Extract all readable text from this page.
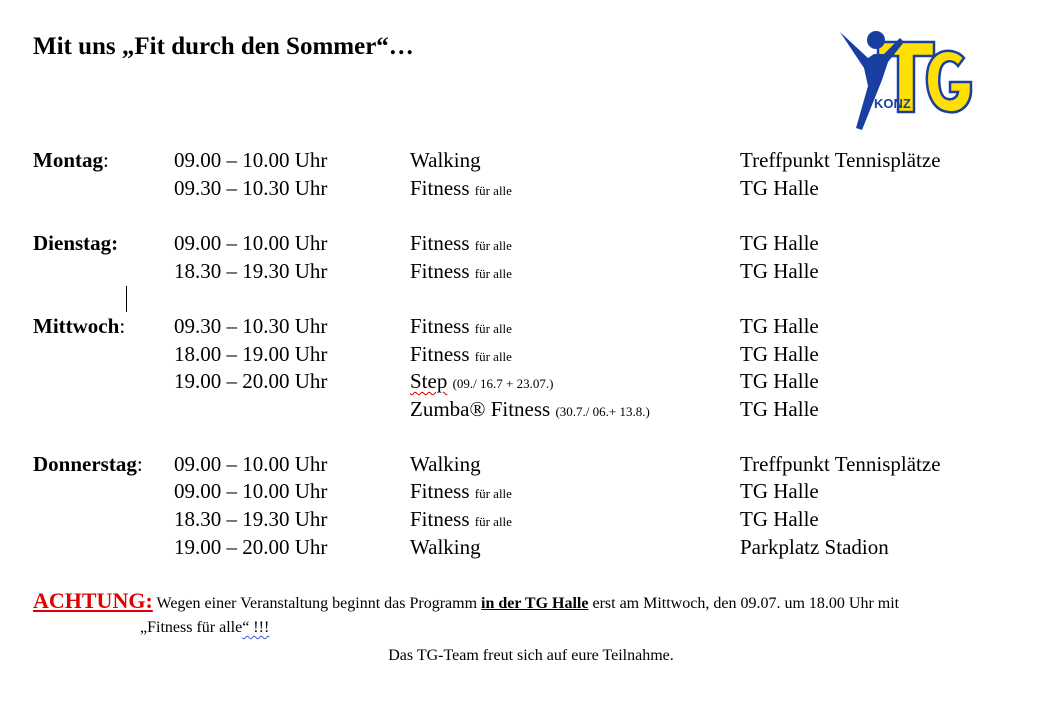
Mit uns „Fit durch den Sommer“…
KONZ
Montag:	09.00 – 10.00 Uhr	Walking	Treffpunkt Tennisplätze
09.30 – 10.30 Uhr	Fitness für alle	TG Halle
Dienstag:	09.00 – 10.00 Uhr	Fitness für alle	TG Halle
18.30 – 19.30 Uhr	Fitness für alle	TG Halle
Mittwoch: 09.30 – 10.30 Uhr	Fitness für alle	TG Halle
18.00 – 19.00 Uhr	Fitness für alle	TG Halle
19.00 – 20.00 Uhr	Step (09./ 16.7 + 23.07.)	TG Halle
Zumba® Fitness (30.7./ 06.+ 13.8.)	TG Halle
Donnerstag: 09.00 – 10.00 Uhr	Walking	Treffpunkt Tennisplätze
09.00 – 10.00 Uhr	Fitness für alle	TG Halle
18.30 – 19.30 Uhr	Fitness für alle	TG Halle
19.00 – 20.00 Uhr	Walking	Parkplatz Stadion
ACHTUNG: Wegen einer Veranstaltung beginnt das Programm in der TG Halle erst am Mittwoch, den 09.07. um 18.00 Uhr mit
„Fitness für alle“ !!!
Das TG-Team freut sich auf eure Teilnahme.
